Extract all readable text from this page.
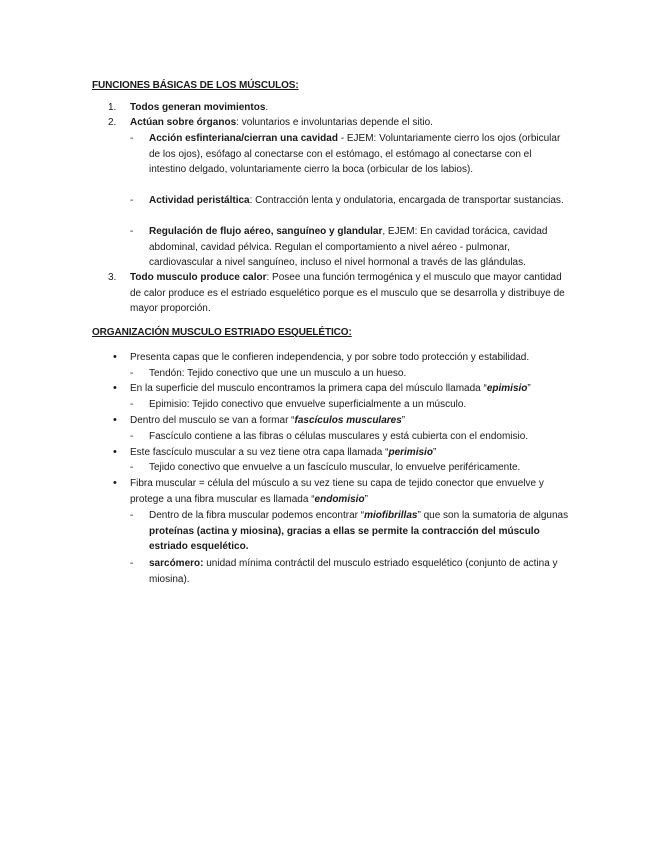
FUNCIONES BÁSICAS DE LOS MÚSCULOS:
1.	Todos generan movimientos.
2.	Actúan sobre órganos: voluntarios e involuntarias depende el sitio.
-	Acción esfinteriana/cierran una cavidad - EJEM: Voluntariamente cierro los ojos (orbicular de los ojos), esófago al conectarse con el estómago, el estómago al conectarse con el intestino delgado, voluntariamente cierro la boca (orbicular de los labios).
-	Actividad peristáltica: Contracción lenta y ondulatoria, encargada de transportar sustancias.
-	Regulación de flujo aéreo, sanguíneo y glandular, EJEM: En cavidad torácica, cavidad abdominal, cavidad pélvica. Regulan el comportamiento a nivel aéreo - pulmonar, cardiovascular a nivel sanguíneo, incluso el nivel hormonal a través de las glándulas.
3.	Todo musculo produce calor: Posee una función termogénica y el musculo que mayor cantidad de calor produce es el estriado esquelético porque es el musculo que se desarrolla y distribuye de mayor proporción.
ORGANIZACIÓN MUSCULO ESTRIADO ESQUELÉTICO:
•	Presenta capas que le confieren independencia, y por sobre todo protección y estabilidad.
-	Tendón: Tejido conectivo que une un musculo a un hueso.
•	En la superficie del musculo encontramos la primera capa del músculo llamada “epimisio”
-	Epimisio: Tejido conectivo que envuelve superficialmente a un músculo.
•	Dentro del musculo se van a formar “fascículos musculares”
-	Fascículo contiene a las fibras o células musculares y está cubierta con el endomisio.
•	Este fascículo muscular a su vez tiene otra capa llamada “perimisio”
-	Tejido conectivo que envuelve a un fascículo muscular, lo envuelve periféricamente.
•	Fibra muscular = célula del músculo a su vez tiene su capa de tejido conector que envuelve y protege a una fibra muscular es llamada “endomisio”
-	Dentro de la fibra muscular podemos encontrar “miofibrillas” que son la sumatoria de algunas proteínas (actina y miosina), gracias a ellas se permite la contracción del músculo estriado esquelético.
-	sarcómero: unidad mínima contráctil del musculo estriado esquelético (conjunto de actina y miosina).
